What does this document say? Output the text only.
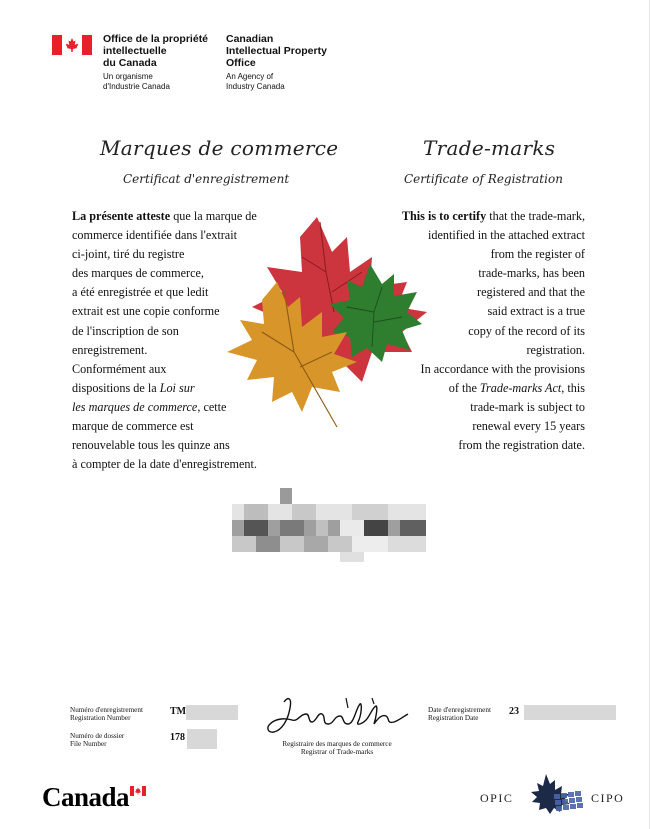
Office de la propriété
intellectuelle
du Canada
Canadian
Intellectual Property
Office
Un organisme
d'Industrie Canada
An Agency of
Industry Canada
Marques de commerce
Certificat d'enregistrement
Trade-marks
Certificate of Registration
La présente atteste que la marque de
commerce identifiée dans l'extrait
ci-joint, tiré du registre
des marques de commerce,
a été enregistrée et que ledit
extrait est une copie conforme
de l'inscription de son
enregistrement.
Conformément aux
dispositions de la Loi sur
les marques de commerce, cette
marque de commerce est
renouvelable tous les quinze ans
à compter de la date d'enregistrement.
This is to certify that the trade-mark,
identified in the attached extract
from the register of
trade-marks, has been
registered and that the
said extract is a true
copy of the record of its
registration.
In accordance with the provisions
of the Trade-marks Act, this
trade-mark is subject to
renewal every 15 years
from the registration date.
Numéro d'enregistrement
Registration Number
TM
Numéro de dossier
File Number
178
Date d'enregistrement
Registration Date
23
Registraire des marques de commerce
Registrar of Trade-marks
Canada	OPIC	CIPO
